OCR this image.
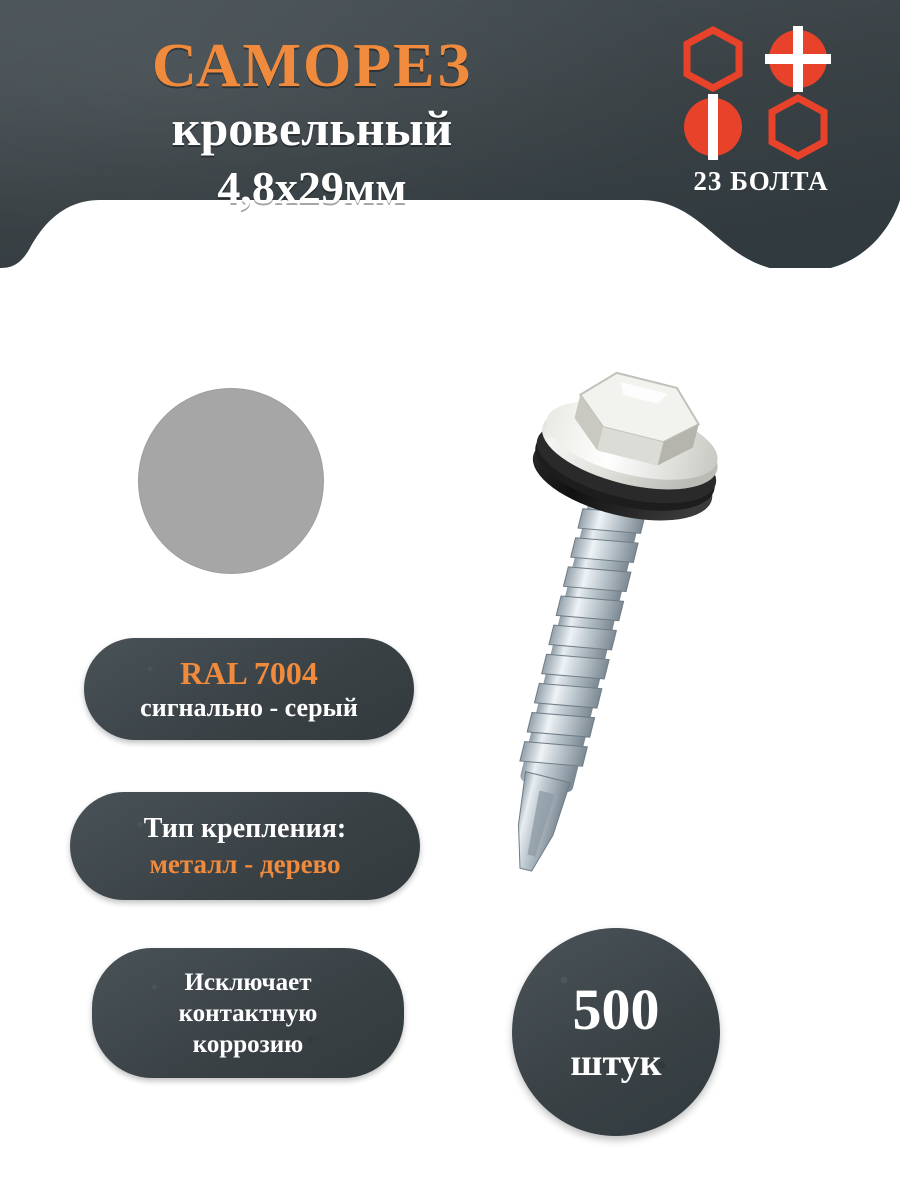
САМОРЕЗ
кровельный
4,8х29мм	23 БОЛТА
RAL 7004
сигнально - серый
Тип крепления:
металл - дерево
Исключает
контактную
коррозию
500
штук
